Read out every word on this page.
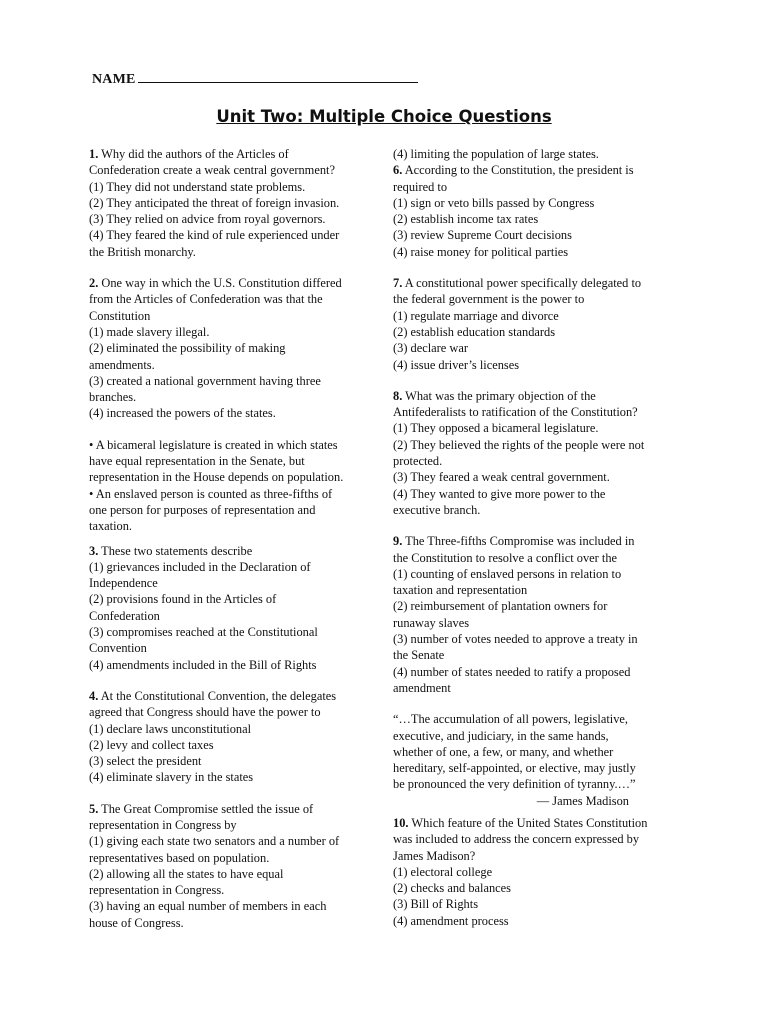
NAME
Unit Two: Multiple Choice Questions
1. Why did the authors of the Articles of
Confederation create a weak central government?
(1) They did not understand state problems.
(2) They anticipated the threat of foreign invasion.
(3) They relied on advice from royal governors.
(4) They feared the kind of rule experienced under
the British monarchy.
2. One way in which the U.S. Constitution differed
from the Articles of Confederation was that the
Constitution
(1) made slavery illegal.
(2) eliminated the possibility of making
amendments.
(3) created a national government having three
branches.
(4) increased the powers of the states.
• A bicameral legislature is created in which states
have equal representation in the Senate, but
representation in the House depends on population.
• An enslaved person is counted as three-fifths of
one person for purposes of representation and
taxation.
3. These two statements describe
(1) grievances included in the Declaration of
Independence
(2) provisions found in the Articles of
Confederation
(3) compromises reached at the Constitutional
Convention
(4) amendments included in the Bill of Rights
4. At the Constitutional Convention, the delegates
agreed that Congress should have the power to
(1) declare laws unconstitutional
(2) levy and collect taxes
(3) select the president
(4) eliminate slavery in the states
5. The Great Compromise settled the issue of
representation in Congress by
(1) giving each state two senators and a number of
representatives based on population.
(2) allowing all the states to have equal
representation in Congress.
(3) having an equal number of members in each
house of Congress.
(4) limiting the population of large states.
6. According to the Constitution, the president is
required to
(1) sign or veto bills passed by Congress
(2) establish income tax rates
(3) review Supreme Court decisions
(4) raise money for political parties
7. A constitutional power specifically delegated to
the federal government is the power to
(1) regulate marriage and divorce
(2) establish education standards
(3) declare war
(4) issue driver’s licenses
8. What was the primary objection of the
Antifederalists to ratification of the Constitution?
(1) They opposed a bicameral legislature.
(2) They believed the rights of the people were not
protected.
(3) They feared a weak central government.
(4) They wanted to give more power to the
executive branch.
9. The Three-fifths Compromise was included in
the Constitution to resolve a conflict over the
(1) counting of enslaved persons in relation to
taxation and representation
(2) reimbursement of plantation owners for
runaway slaves
(3) number of votes needed to approve a treaty in
the Senate
(4) number of states needed to ratify a proposed
amendment
“…The accumulation of all powers, legislative,
executive, and judiciary, in the same hands,
whether of one, a few, or many, and whether
hereditary, self-appointed, or elective, may justly
be pronounced the very definition of tyranny.…”
— James Madison
10. Which feature of the United States Constitution
was included to address the concern expressed by
James Madison?
(1) electoral college
(2) checks and balances
(3) Bill of Rights
(4) amendment process
